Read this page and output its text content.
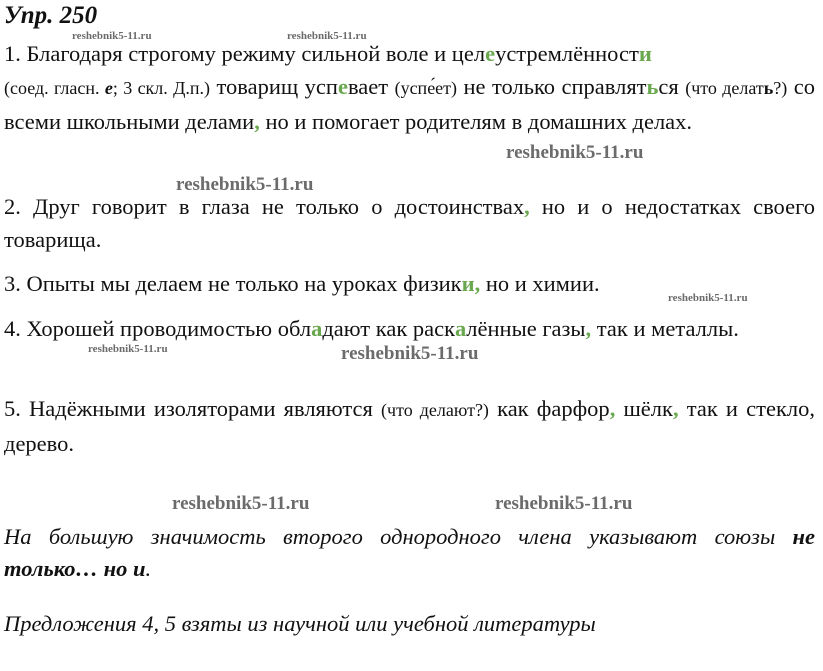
Упр. 250

1. Благодаря строгому режиму сильной воле и целеустремлённости
(соед. гласн. е; 3 скл. Д.п.) товарищ успевает (успе́ет) не только справляться (что делать?) со всеми школьными делами, но и помогает родителям в домашних делах.

2. Друг говорит в глаза не только о достоинствах, но и о недостатках своего товарища.

3. Опыты мы делаем не только на уроках физики, но и химии.

4. Хорошей проводимостью обладают как раскалённые газы, так и металлы.

5. Надёжными изоляторами являются (что делают?) как фарфор, шёлк, так и стекло, дерево.

На большую значимость второго однородного члена указывают союзы не только… но и.

Предложения 4, 5 взяты из научной или учебной литературы

reshebnik5-11.ru	reshebnik5-11.ru
reshebnik5-11.ru
reshebnik5-11.ru
reshebnik5-11.ru
reshebnik5-11.ru	reshebnik5-11.ru
reshebnik5-11.ru	reshebnik5-11.ru
